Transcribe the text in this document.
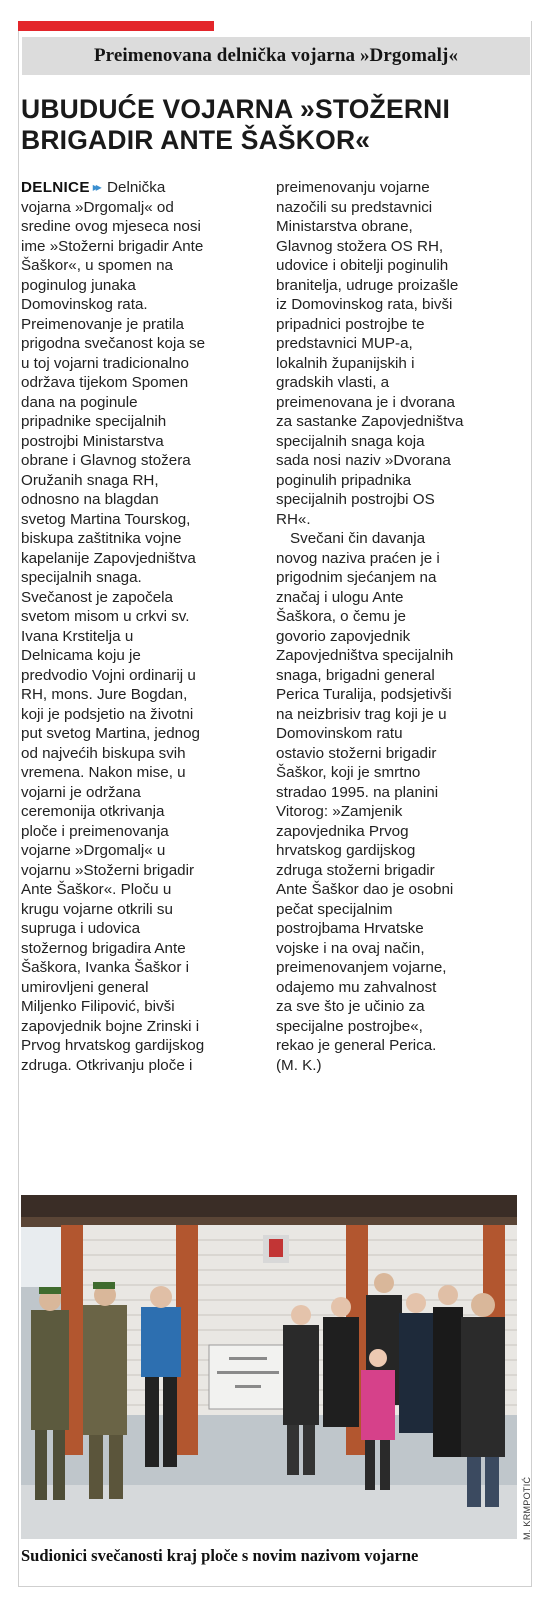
Preimenovana delnička vojarna »Drgomalj«
UBUDUĆE VOJARNA »STOŽERNI
BRIGADIR ANTE ŠAŠKOR«
DELNICE ▸▸ Delnička
vojarna »Drgomalj« od
sredine ovog mjeseca nosi
ime »Stožerni brigadir Ante
Šaškor«, u spomen na
poginulog junaka
Domovinskog rata.
Preimenovanje je pratila
prigodna svečanost koja se
u toj vojarni tradicionalno
održava tijekom Spomen
dana na poginule
pripadnike specijalnih
postrojbi Ministarstva
obrane i Glavnog stožera
Oružanih snaga RH,
odnosno na blagdan
svetog Martina Tourskog,
biskupa zaštitnika vojne
kapelanije Zapovjedništva
specijalnih snaga.
Svečanost je započela
svetom misom u crkvi sv.
Ivana Krstitelja u
Delnicama koju je
predvodio Vojni ordinarij u
RH, mons. Jure Bogdan,
koji je podsjetio na životni
put svetog Martina, jednog
od najvećih biskupa svih
vremena. Nakon mise, u
vojarni je održana
ceremonija otkrivanja
ploče i preimenovanja
vojarne »Drgomalj« u
vojarnu »Stožerni brigadir
Ante Šaškor«. Ploču u
krugu vojarne otkrili su
supruga i udovica
stožernog brigadira Ante
Šaškora, Ivanka Šaškor i
umirovljeni general
Miljenko Filipović, bivši
zapovjednik bojne Zrinski i
Prvog hrvatskog gardijskog
zdruga. Otkrivanju ploče i
preimenovanju vojarne
nazočili su predstavnici
Ministarstva obrane,
Glavnog stožera OS RH,
udovice i obitelji poginulih
branitelja, udruge proizašle
iz Domovinskog rata, bivši
pripadnici postrojbe te
predstavnici MUP-a,
lokalnih županijskih i
gradskih vlasti, a
preimenovana je i dvorana
za sastanke Zapovjedništva
specijalnih snaga koja
sada nosi naziv »Dvorana
poginulih pripadnika
specijalnih postrojbi OS
RH«.
Svečani čin davanja
novog naziva praćen je i
prigodnim sjećanjem na
značaj i ulogu Ante
Šaškora, o čemu je
govorio zapovjednik
Zapovjedništva specijalnih
snaga, brigadni general
Perica Turalija, podsjetivši
na neizbrisiv trag koji je u
Domovinskom ratu
ostavio stožerni brigadir
Šaškor, koji je smrtno
stradao 1995. na planini
Vitorog: »Zamjenik
zapovjednika Prvog
hrvatskog gardijskog
zdruga stožerni brigadir
Ante Šaškor dao je osobni
pečat specijalnim
postrojbama Hrvatske
vojske i na ovaj način,
preimenovanjem vojarne,
odajemo mu zahvalnost
za sve što je učinio za
specijalne postrojbe«,
rekao je general Perica.
(M. K.)
M. KRMPOTIĆ
Sudionici svečanosti kraj ploče s novim nazivom vojarne
